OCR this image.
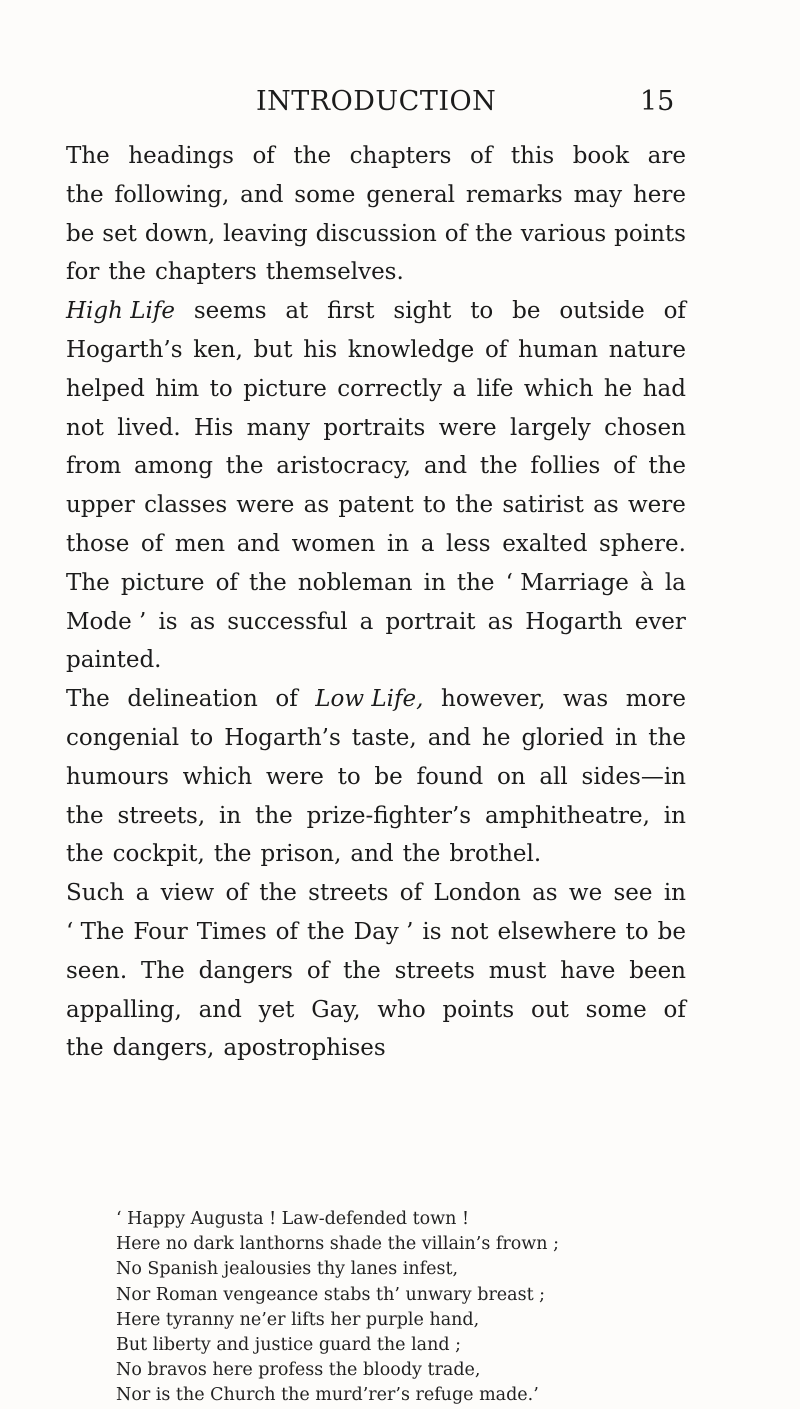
INTRODUCTION	15
The headings of the chapters of this book are
the following, and some general remarks may here
be set down, leaving discussion of the various points
for the chapters themselves.
High Life seems at first sight to be outside of
Hogarth’s ken, but his knowledge of human nature
helped him to picture correctly a life which he had
not lived. His many portraits were largely chosen
from among the aristocracy, and the follies of the
upper classes were as patent to the satirist as were
those of men and women in a less exalted sphere.
The picture of the nobleman in the ‘ Marriage à la
Mode ’ is as successful a portrait as Hogarth ever
painted.
The delineation of Low Life, however, was more
congenial to Hogarth’s taste, and he gloried in the
humours which were to be found on all sides—in
the streets, in the prize-fighter’s amphitheatre, in
the cockpit, the prison, and the brothel.
Such a view of the streets of London as we see in
‘ The Four Times of the Day ’ is not elsewhere to be
seen. The dangers of the streets must have been
appalling, and yet Gay, who points out some of
the dangers, apostrophises
‘ Happy Augusta ! Law-defended town !
Here no dark lanthorns shade the villain’s frown ;
No Spanish jealousies thy lanes infest,
Nor Roman vengeance stabs th’ unwary breast ;
Here tyranny ne’er lifts her purple hand,
But liberty and justice guard the land ;
No bravos here profess the bloody trade,
Nor is the Church the murd’rer’s refuge made.’
